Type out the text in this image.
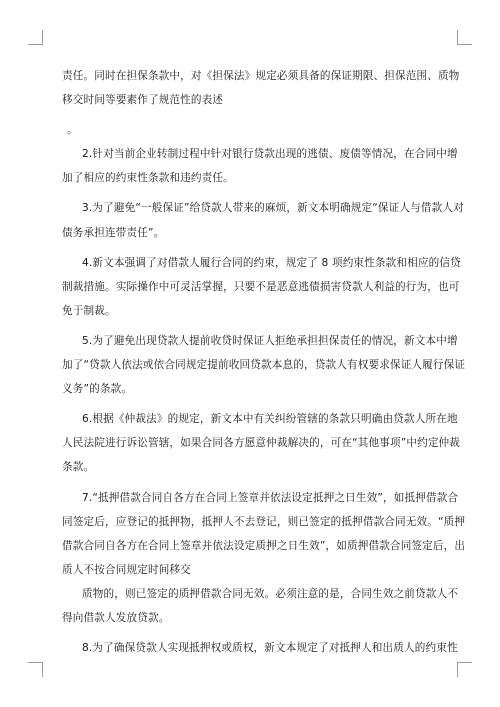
责任。同时在担保条款中，对《担保法》规定必须具备的保证期限、担保范围、质物
移交时间等要素作了规范性的表述
。
2.针对当前企业转制过程中针对银行贷款出现的逃债、废债等情况，在合同中增
加了相应的约束性条款和违约责任。
3.为了避免“一般保证”给贷款人带来的麻烦，新文本明确规定“保证人与借款人对
债务承担连带责任”。
4.新文本强调了对借款人履行合同的约束，规定了 8 项约束性条款和相应的信贷
制裁措施。实际操作中可灵活掌握，只要不是恶意逃债损害贷款人利益的行为，也可
免于制裁。
5.为了避免出现贷款人提前收贷时保证人拒绝承担担保责任的情况，新文本中增
加了“贷款人依法或依合同规定提前收回贷款本息的，贷款人有权要求保证人履行保证
义务”的条款。
6.根据《仲裁法》的规定，新文本中有关纠纷管辖的条款只明确由贷款人所在地
人民法院进行诉讼管辖，如果合同各方愿意仲裁解决的，可在“其他事项”中约定仲裁
条款。
7.“抵押借款合同自各方在合同上签章并依法设定抵押之日生效”，如抵押借款合
同签定后，应登记的抵押物，抵押人不去登记，则已签定的抵押借款合同无效。“质押
借款合同自各方在合同上签章并依法设定质押之日生效”，如质押借款合同签定后，出
质人不按合同规定时间移交
质物的，则已签定的质押借款合同无效。必须注意的是，合同生效之前贷款人不
得向借款人发放贷款。
8.为了确保贷款人实现抵押权或质权，新文本规定了对抵押人和出质人的约束性
